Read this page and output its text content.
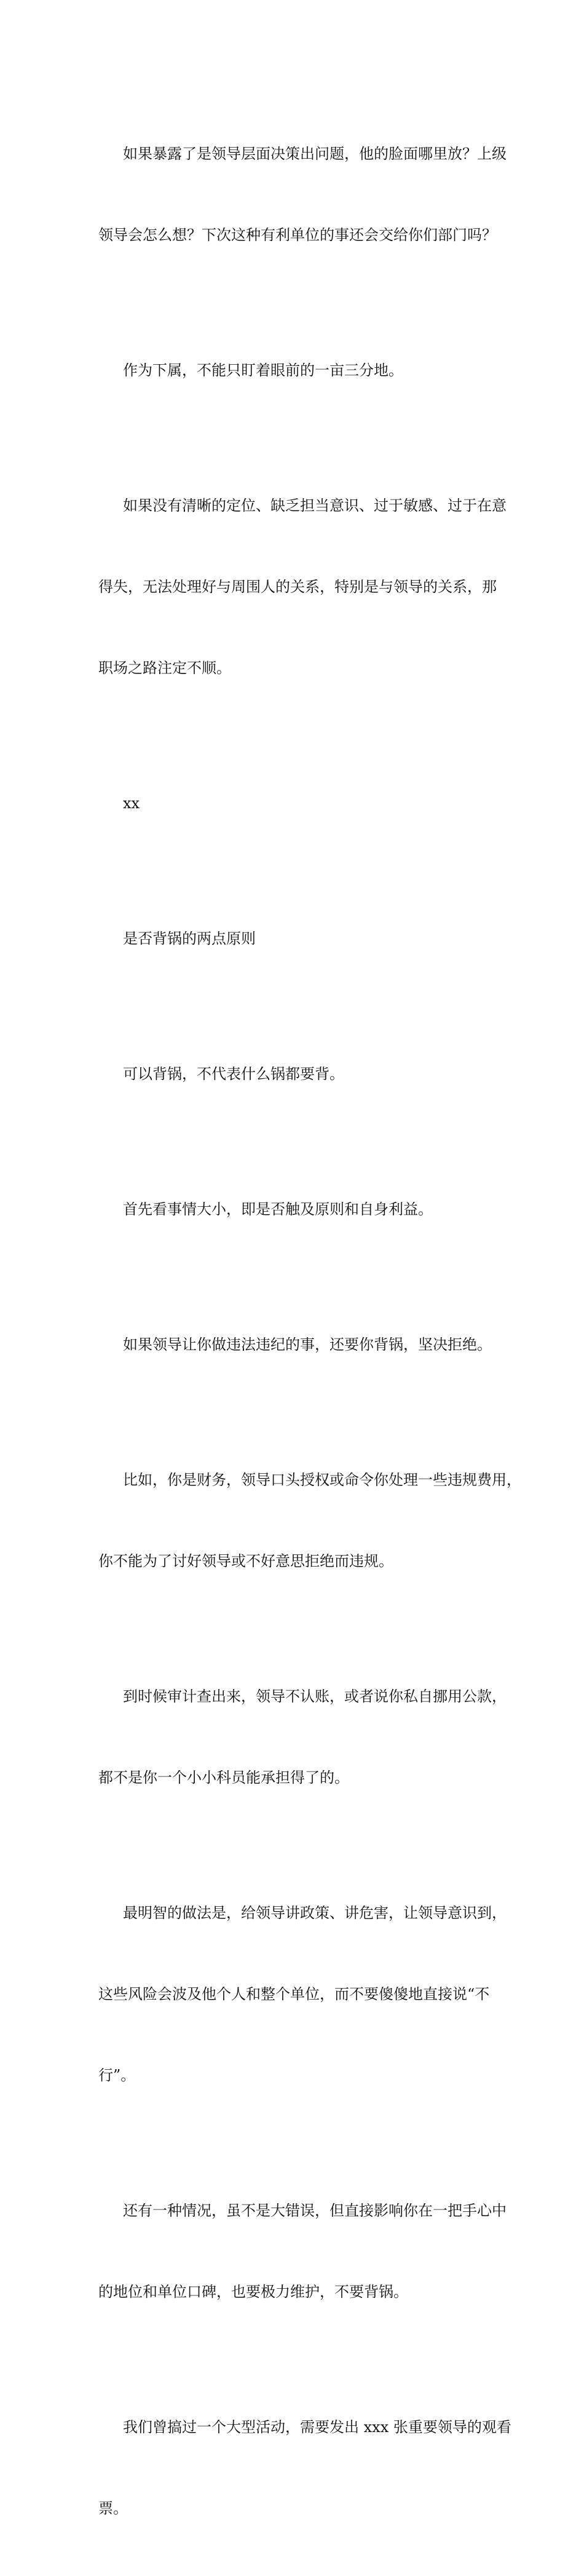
如果暴露了是领导层面决策出问题，他的脸面哪里放？上级

领导会怎么想？下次这种有利单位的事还会交给你们部门吗？

作为下属，不能只盯着眼前的一亩三分地。

如果没有清晰的定位、缺乏担当意识、过于敏感、过于在意

得失，无法处理好与周围人的关系，特别是与领导的关系，那

职场之路注定不顺。

xx

是否背锅的两点原则

可以背锅，不代表什么锅都要背。

首先看事情大小，即是否触及原则和自身利益。

如果领导让你做违法违纪的事，还要你背锅，坚决拒绝。

比如，你是财务，领导口头授权或命令你处理一些违规费用，

你不能为了讨好领导或不好意思拒绝而违规。

到时候审计查出来，领导不认账，或者说你私自挪用公款，

都不是你一个小小科员能承担得了的。

最明智的做法是，给领导讲政策、讲危害，让领导意识到，

这些风险会波及他个人和整个单位，而不要傻傻地直接说“不

行”。

还有一种情况，虽不是大错误，但直接影响你在一把手心中

的地位和单位口碑，也要极力维护，不要背锅。

我们曾搞过一个大型活动，需要发出 xxx 张重要领导的观看

票。
